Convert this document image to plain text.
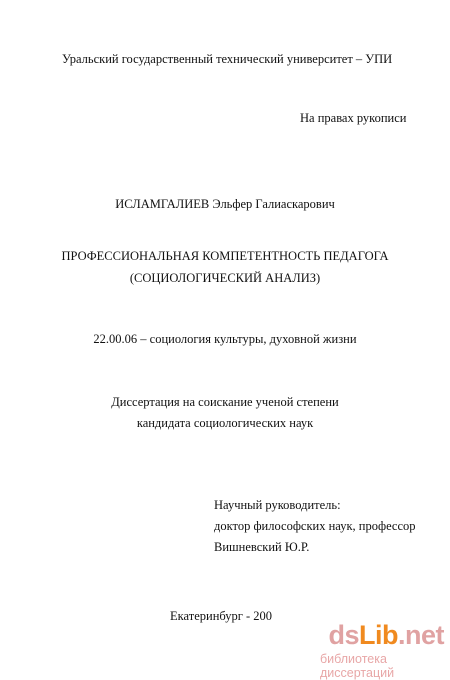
Уральский государственный технический университет – УПИ
На правах рукописи
ИСЛАМГАЛИЕВ Эльфер Галиаскарович
ПРОФЕССИОНАЛЬНАЯ КОМПЕТЕНТНОСТЬ ПЕДАГОГА
(СОЦИОЛОГИЧЕСКИЙ АНАЛИЗ)
22.00.06 – социология культуры, духовной жизни
Диссертация на соискание ученой степени
кандидата социологических наук
Научный руководитель:
доктор философских наук, профессор
Вишневский Ю.Р.
Екатеринбург - 200
dsLib.net
библиотека диссертаций
